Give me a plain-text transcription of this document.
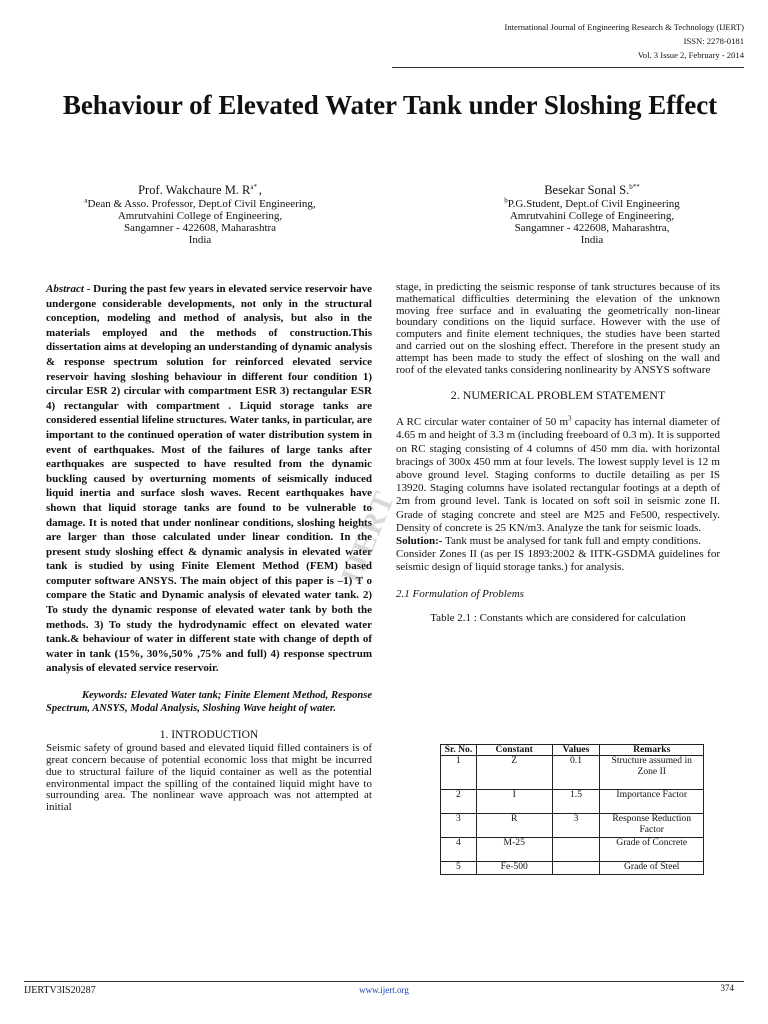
International Journal of Engineering Research & Technology (IJERT)
ISSN: 2278-0181
Vol. 3 Issue 2, February - 2014
Behaviour of Elevated Water Tank under Sloshing Effect
Prof. Wakchaure M. $R^{a*}$ ,
$^a$Dean & Asso. Professor, Dept.of Civil Engineering,
Amrutvahini College of Engineering,
Sangamner - 422608, Maharashtra
India
Besekar Sonal S.$^{b**}$
$^b$P.G.Student, Dept.of Civil Engineering
Amrutvahini College of Engineering,
Sangamner - 422608, Maharashtra,
India

Abstract - During the past few years in elevated service reservoir have undergone considerable developments, not only in the structural conception, modeling and method of analysis, but also in the materials employed and the methods of construction.This dissertation aims at developing an understanding of dynamic analysis & response spectrum solution for reinforced elevated service reservoir having sloshing behaviour in different four condition 1) circular ESR 2) circular with compartment ESR 3) rectangular ESR 4) rectangular with compartment . Liquid storage tanks are considered essential lifeline structures. Water tanks, in particular, are important to the continued operation of water distribution system in event of earthquakes. Most of the failures of large tanks after earthquakes are suspected to have resulted from the dynamic buckling caused by overturning moments of seismically induced liquid inertia and surface slosh waves. Recent earthquakes have shown that liquid storage tanks are found to be vulnerable to damage. It is noted that under nonlinear conditions, sloshing heights are larger than those calculated under linear condition. In the present study sloshing effect & dynamic analysis in elevated water tank is studied by using Finite Element Method (FEM) based computer software ANSYS. The main object of this paper is –1) T o compare the Static and Dynamic analysis of elevated water tank. 2) To study the dynamic response of elevated water tank by both the methods. 3) To study the hydrodynamic effect on elevated water tank.& behaviour of water in different state with change of depth of water in tank (15%, 30%,50% ,75% and full) 4) response spectrum analysis of elevated service reservoir.

Keywords: Elevated Water tank; Finite Element Method, Response Spectrum, ANSYS, Modal Analysis, Sloshing Wave height of water.

1. INTRODUCTION

Seismic safety of ground based and elevated liquid filled containers is of great concern because of potential economic loss that might be incurred due to structural failure of the liquid container as well as the potential environmental impact the spilling of the contained liquid might have to surrounding area. The nonlinear wave approach was not attempted at initial

stage, in predicting the seismic response of tank structures because of its mathematical difficulties determining the elevation of the unknown moving free surface and in evaluating the geometrically non-linear boundary conditions on the liquid surface. However with the use of computers and finite element techniques, the studies have been started and carried out on the sloshing effect. Therefore in the present study an attempt has been made to study the effect of sloshing on the wall and roof of the elevated tanks considering nonlinearity by ANSYS software

2. NUMERICAL PROBLEM STATEMENT

A RC circular water container of 50 $m^3$ capacity has internal diameter of 4.65 m and height of 3.3 m (including freeboard of 0.3 m). It is supported on RC staging consisting of 4 columns of 450 mm dia. with horizontal bracings of 300x 450 mm at four levels. The lowest supply level is 12 m above ground level. Staging conforms to ductile detailing as per IS 13920. Staging columns have isolated rectangular footings at a depth of 2m from ground level. Tank is located on soft soil in seismic zone II. Grade of staging concrete and steel are M25 and Fe500, respectively. Density of concrete is 25 KN/m3. Analyze the tank for seismic loads.

Solution:- Tank must be analysed for tank full and empty conditions.

Consider Zones II (as per IS 1893:2002 & IITK-GSDMA guidelines for seismic design of liquid storage tanks.) for analysis.

2.1 Formulation of Problems

Table 2.1 : Constants which are considered for calculation

Sr. No.	Constant	Values	Remarks
1	Z	0.1	Structure assumed in Zone II
2	I	1.5	Importance Factor
3	R	3	Response Reduction Factor
4	M-25		Grade of Concrete
5	Fe-500		Grade of Steel
IJERT
IJERTV3IS20287	www.ijert.org	374
